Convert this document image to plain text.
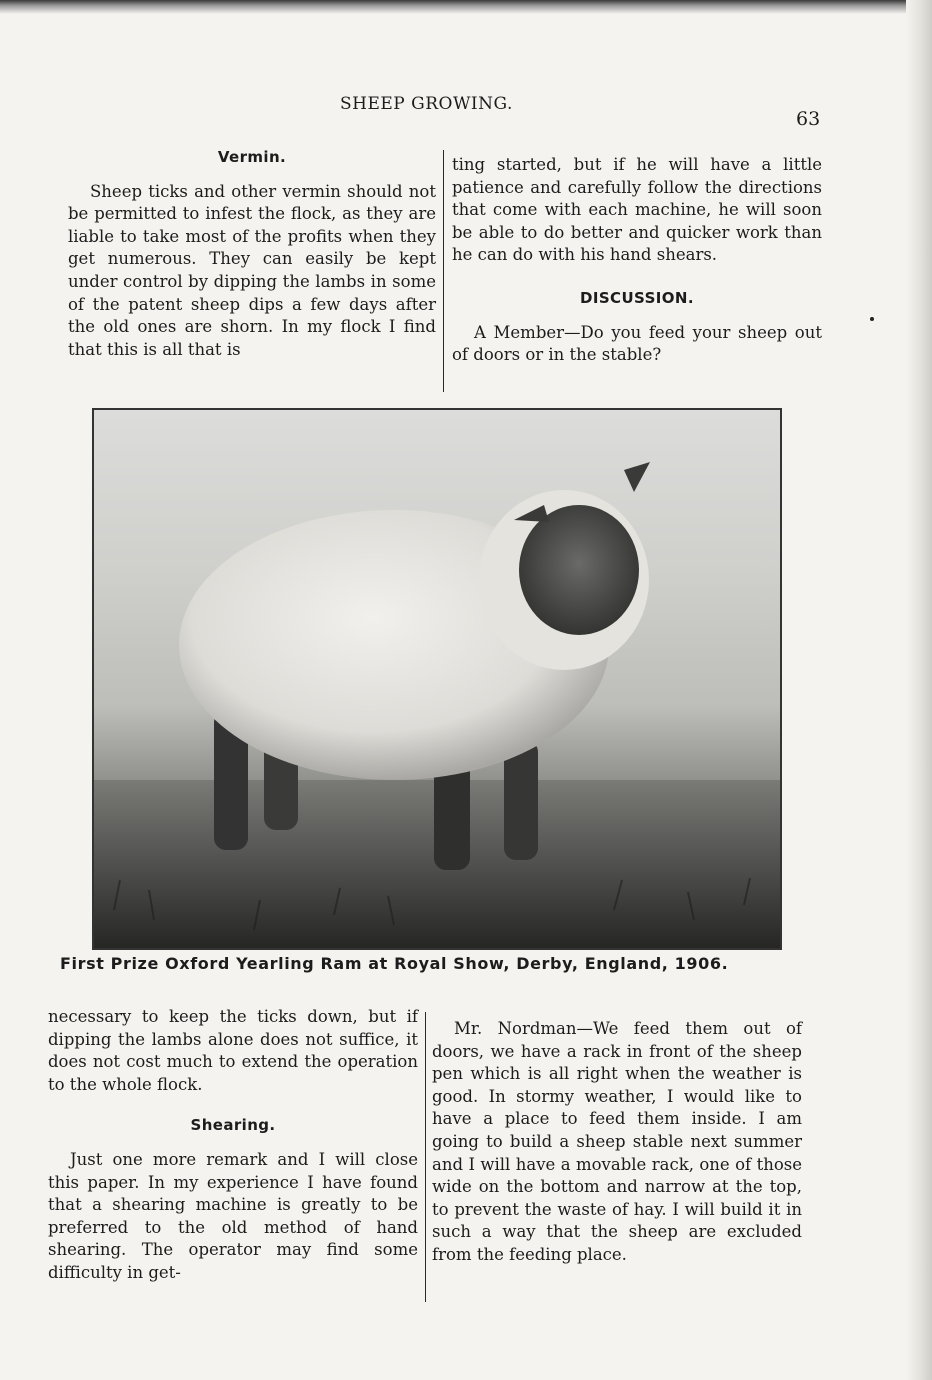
SHEEP GROWING.
63

Vermin.

Sheep ticks and other vermin should not be permitted to infest the flock, as they are liable to take most of the profits when they get numerous. They can easily be kept under control by dipping the lambs in some of the patent sheep dips a few days after the old ones are shorn. In my flock I find that this is all that is

ting started, but if he will have a little patience and carefully follow the directions that come with each machine, he will soon be able to do better and quicker work than he can do with his hand shears.

DISCUSSION.

A Member—Do you feed your sheep out of doors or in the stable?

First Prize Oxford Yearling Ram at Royal Show, Derby, England, 1906.

necessary to keep the ticks down, but if dipping the lambs alone does not suffice, it does not cost much to extend the operation to the whole flock.

Shearing.

Just one more remark and I will close this paper. In my experience I have found that a shearing machine is greatly to be preferred to the old method of hand shearing. The operator may find some difficulty in get-

Mr. Nordman—We feed them out of doors, we have a rack in front of the sheep pen which is all right when the weather is good. In stormy weather, I would like to have a place to feed them inside. I am going to build a sheep stable next summer and I will have a movable rack, one of those wide on the bottom and narrow at the top, to prevent the waste of hay. I will build it in such a way that the sheep are excluded from the feeding place.
